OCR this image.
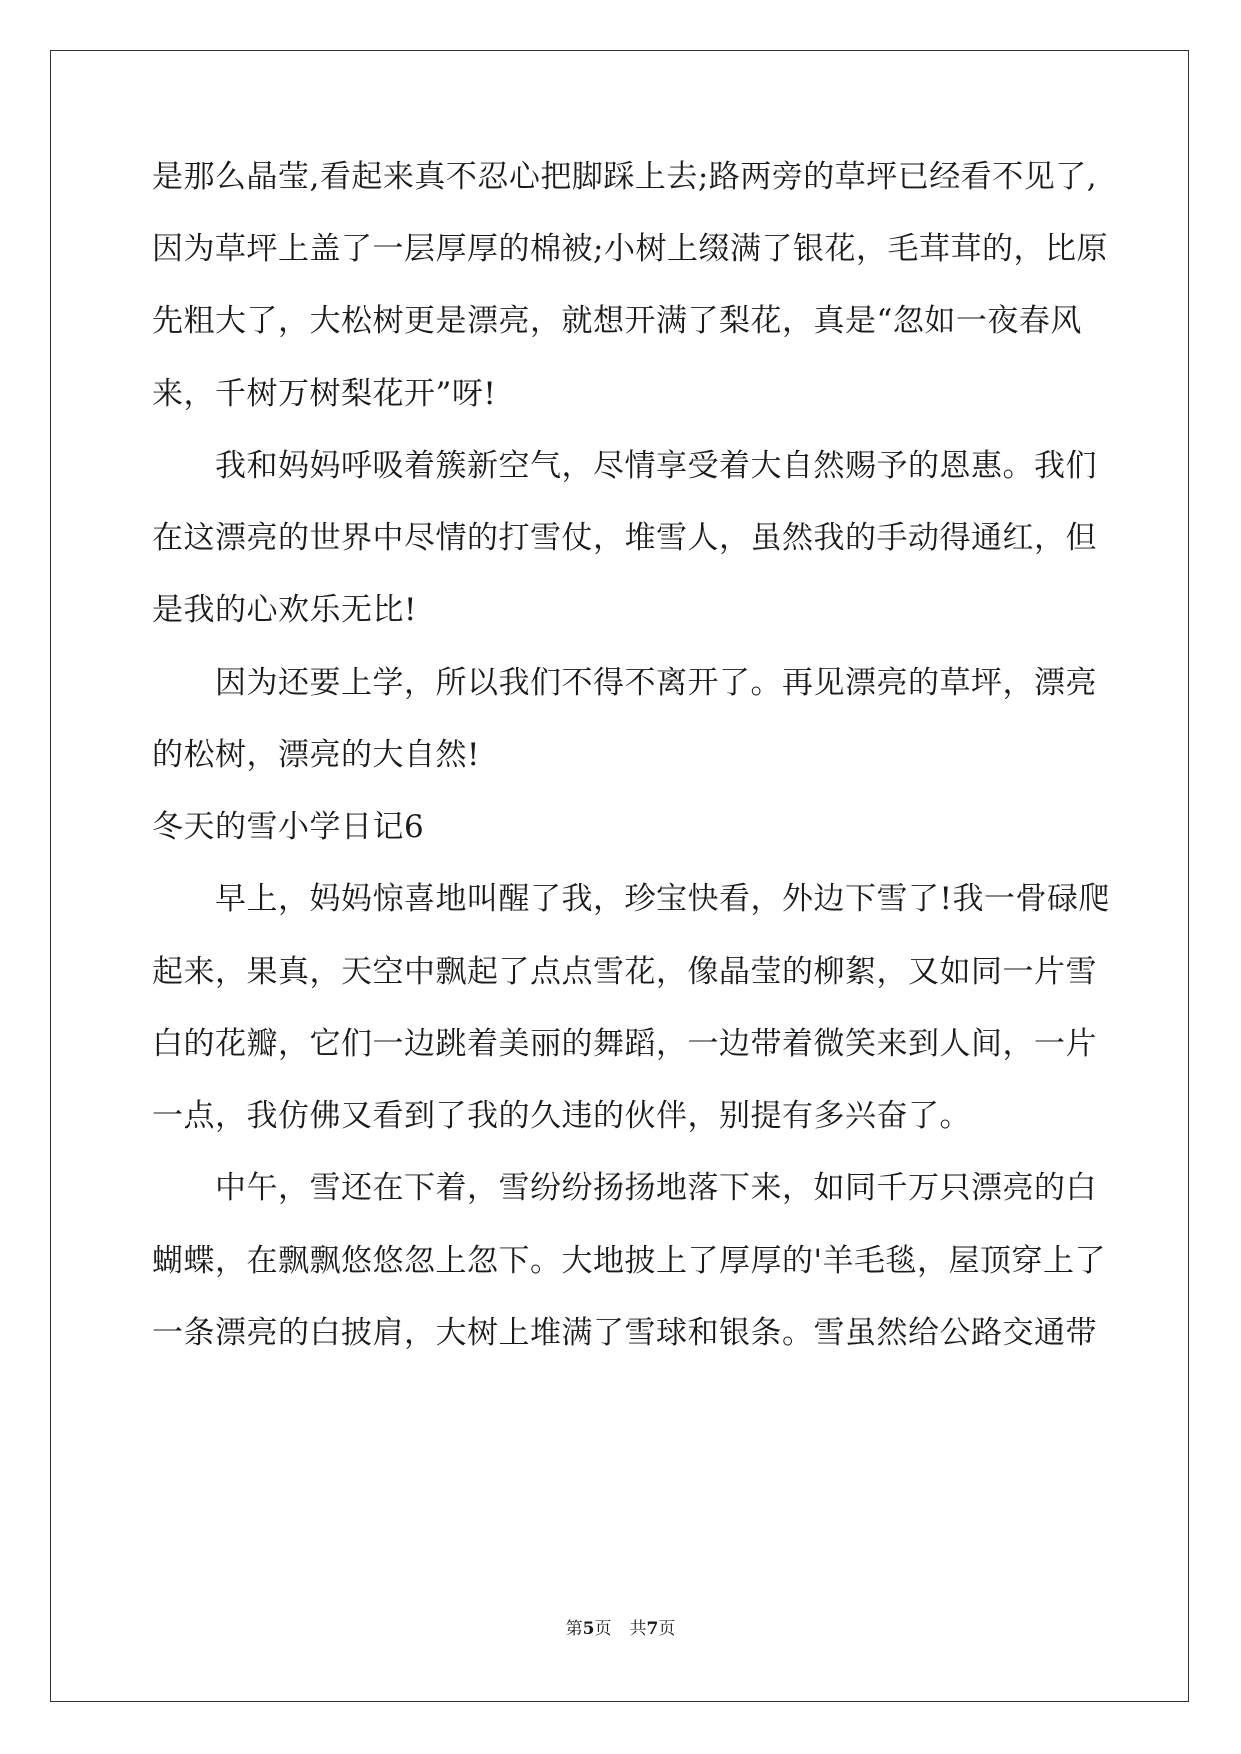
是那么晶莹,看起来真不忍心把脚踩上去;路两旁的草坪已经看不见了,
因为草坪上盖了一层厚厚的棉被;小树上缀满了银花，毛茸茸的，比原
先粗大了，大松树更是漂亮，就想开满了梨花，真是“忽如一夜春风
来，千树万树梨花开”呀!
我和妈妈呼吸着簇新空气，尽情享受着大自然赐予的恩惠。我们
在这漂亮的世界中尽情的打雪仗，堆雪人，虽然我的手动得通红，但
是我的心欢乐无比!
因为还要上学，所以我们不得不离开了。再见漂亮的草坪，漂亮
的松树，漂亮的大自然!
冬天的雪小学日记6
早上，妈妈惊喜地叫醒了我，珍宝快看，外边下雪了!我一骨碌爬
起来，果真，天空中飘起了点点雪花，像晶莹的柳絮，又如同一片雪
白的花瓣，它们一边跳着美丽的舞蹈，一边带着微笑来到人间，一片
一点，我仿佛又看到了我的久违的伙伴，别提有多兴奋了。
中午，雪还在下着，雪纷纷扬扬地落下来，如同千万只漂亮的白
蝴蝶，在飘飘悠悠忽上忽下。大地披上了厚厚的'羊毛毯，屋顶穿上了
一条漂亮的白披肩，大树上堆满了雪球和银条。雪虽然给公路交通带
第5页 共7页
